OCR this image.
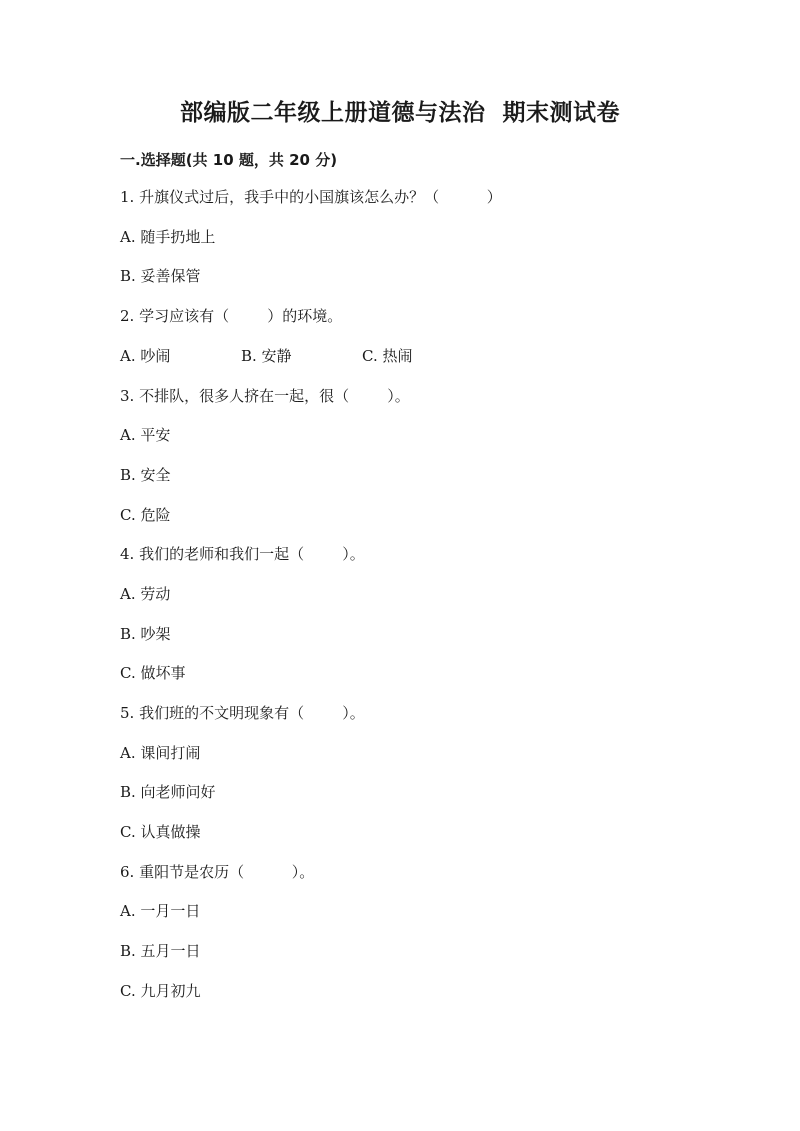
部编版二年级上册道德与法治  期末测试卷
一.选择题(共 10 题，共 20 分)
1. 升旗仪式过后，我手中的小国旗该怎么办？（          ）
A. 随手扔地上
B. 妥善保管
2. 学习应该有（        ）的环境。
A. 吵闹	B. 安静	C. 热闹
3. 不排队，很多人挤在一起，很（        ）。
A. 平安
B. 安全
C. 危险
4. 我们的老师和我们一起（        ）。
A. 劳动
B. 吵架
C. 做坏事
5. 我们班的不文明现象有（        ）。
A. 课间打闹
B. 向老师问好
C. 认真做操
6. 重阳节是农历（          ）。
A. 一月一日
B. 五月一日
C. 九月初九
